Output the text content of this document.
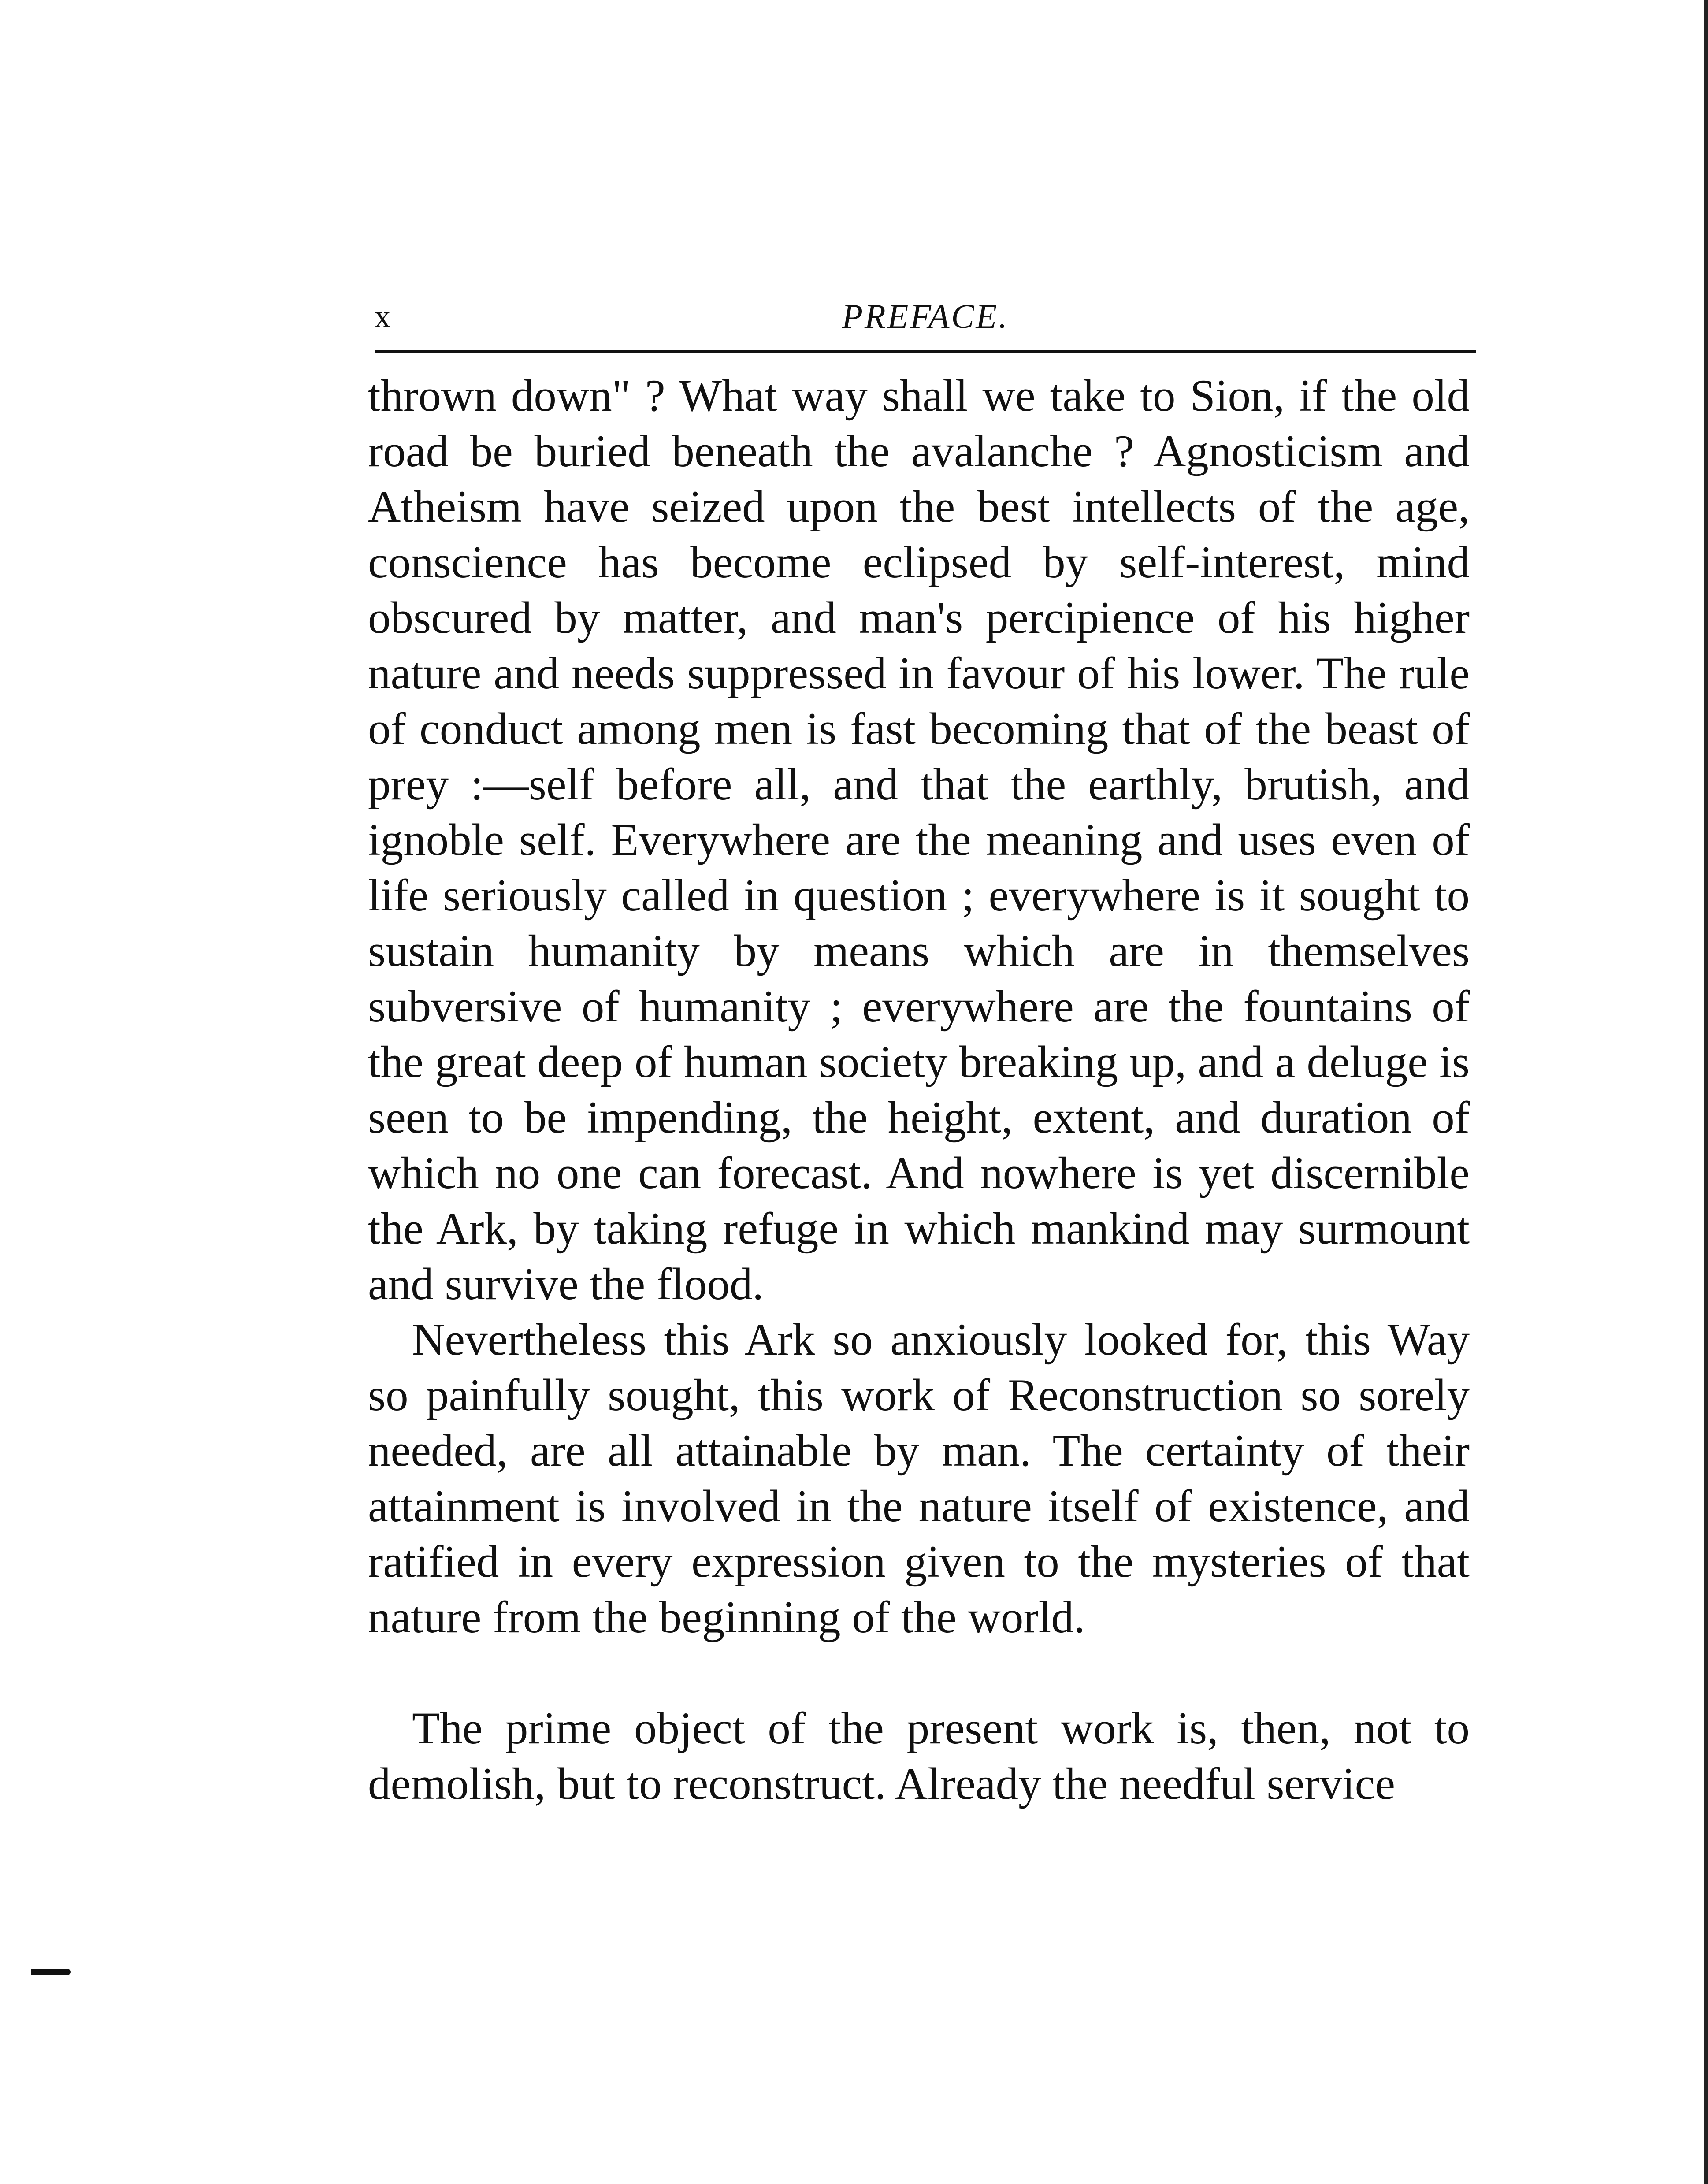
x	PREFACE.

thrown down" ? What way shall we take to Sion, if the old road be buried beneath the avalanche ? Agnosticism and Atheism have seized upon the best intellects of the age, conscience has become eclipsed by self-interest, mind obscured by matter, and man's percipience of his higher nature and needs suppressed in favour of his lower. The rule of conduct among men is fast becoming that of the beast of prey :—self before all, and that the earthly, brutish, and ignoble self. Everywhere are the meaning and uses even of life seriously called in question ; everywhere is it sought to sustain humanity by means which are in themselves subversive of humanity ; everywhere are the fountains of the great deep of human society breaking up, and a deluge is seen to be impending, the height, extent, and duration of which no one can forecast. And nowhere is yet discernible the Ark, by taking refuge in which mankind may surmount and survive the flood.

Nevertheless this Ark so anxiously looked for, this Way so painfully sought, this work of Reconstruction so sorely needed, are all attainable by man. The certainty of their attainment is involved in the nature itself of existence, and ratified in every expression given to the mysteries of that nature from the beginning of the world.

The prime object of the present work is, then, not to demolish, but to reconstruct. Already the needful service
